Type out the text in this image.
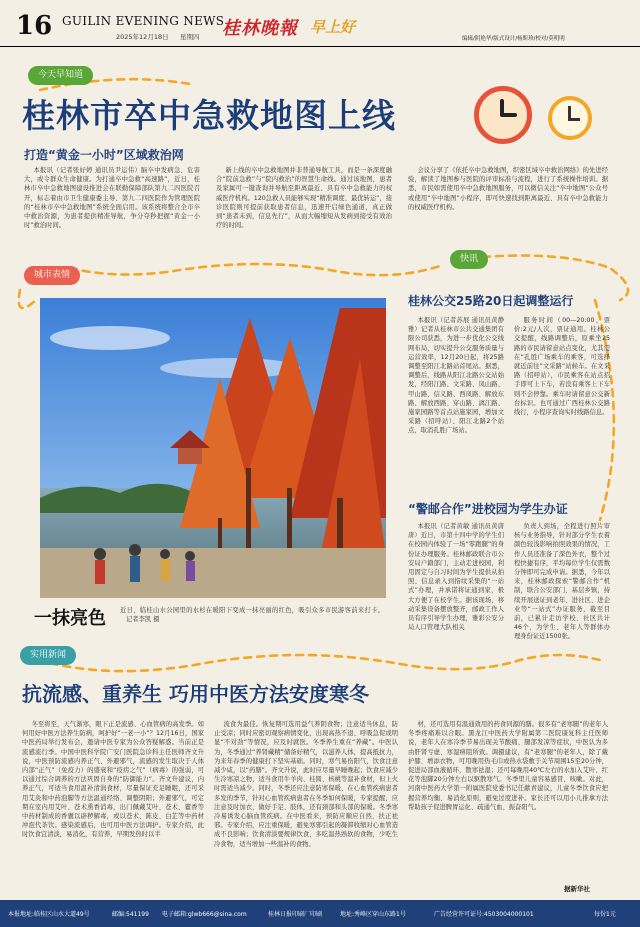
16 GUILIN EVENING NEWS
2025年12月18日 星期四 桂林晚報 早上好
编辑/阴艳华/版式设计/杨斯珍/校对/莫明明
今天早知道
桂林市卒中急救地图上线
打造“黄金一小时”区域救治网

本报讯（记者张好婷 通讯员尹运伟）脑卒中发病急、危害大，或令群众生命健康。为打通卒中急救“高速路”，近日，桂林市卒中急救地图建设推进会在联勤保障部队第九二四医院召开，标志着由市卫生健康委主导、第九二四医院作为管理医院的“桂林市卒中急救地图”系统全面启用。该系统将整合全市卒中救治资源，为患者提供精准导航，争分夺秒把握“黄金一小时”救治时间。

新上线的卒中急救地图并非普通导航工具，而是一条深度融合“院前急救”与“院内救治”的智慧生命线。通过该地图，患者及家属可一键查询并导航至距离最近、具有卒中急救能力的权威医疗机构。120急救人员能够实现“精准调度、最优转运”，接诊医院则可提前获取患者信息，迅速开启绿色通道，真正做到“患者未到，信息先行”，从而大幅缩短从发病到接受有效治疗的时间。

会议分享了《依托卒中急救地图，织密区域卒中救治网络》的先进经验，解读了地图参与医院的评审标准与流程，进行了系统操作培训。据悉，市民如需使用卒中急救地图服务，可以微信关注“卒中地图”公众号或使用“卒中地图”小程序，即可快速找到距离最近、具有卒中急救能力的权威医疗机构。

城市表情
一抹亮色 近日，临桂山水公园里的水杉在暖阳下变成一抹亮丽的红色，吸引众多市民游客前来打卡。 记者李凯 摄
快讯
桂林公交25路20日起调整运行

本报讯（记者苏展 通讯员黄静雅）记者从桂林市公共交通集团有限公司获悉，为进一步优化公交线网布局，切实提升公交服务质量与运营效率，12月20日起，将25路调整至阳江北路站首尾站。据悉，调整后，线路从阳江北路公交站始发，经阳江路、文采路、凤山路、甲山路、信义路、西凤路、解放东路、解放西路、穿山路、漓江路、施家园路等首点站施家园，增加文采路（招呼站）、阳江北路2个站点，取消孔胜广场站。

服务时间（00—20:00，票价:2元/人次，票证通用。桂林公交提醒，线路调整后，原乘坐25路的市民请留意站点变化，尤其需在“孔胜广场乘车的乘客，可选择就近前往”文采路“站候车。在文采路（招呼站），市民乘客在站点招手即可上下车，若没有乘客上下车则不会停靠。乘车时请留意公交新台标识。也可通过广西桂林公交路线行，小程序查询实时线路信息。

“警邮合作”进校园为学生办证

本报讯（记者黄敏 通讯员黄唐唐）近日，市第十四中学的学生们在校园内体验了一场“零跑腿”的身份证办理服务。桂林邮政联合市公安局户籍部门，主动走进校园，利用固定与自习时间为学生提供从拍照、信息录入到指纹采集的“一站式”办理，并承诺将证通到家，极大方便了在校学生。据该现场，移动采集设备摆放整齐，邮政工作人员有序引导学生办理，雅彩公安分局人口管理大队相关

负责人到场，全程进行照片审核与业务指导，针对部分学生衣着颜色较浅影响拍照效果的情况，工作人员还准备了深色外衣，整个过程快捷有序，平均每位学生仅需数分钟即可完成申请。据悉，今年以来，桂林邮政探索“警邮合作”机制，联合公安部门、基层乡镇，持续开展送证到老年、进社区、进企业等“一站式”办证服务，截至目前，已累计走访学校、社区共计46个，为学生、老年人等群体办理身份证近1500张。

实用新闻
抗流感、重养生 巧用中医方法安度寒冬

冬至将至，天气渐寒，眼下正是流感、心血管病的高发季。如何用好中医方法养生防病，呵护好“一老一小”？12月16日，国家中医药局举行发布会，邀请中医专家为公众答疑解惑。当前正是流感流行季。中国中医科学院广安门医院急诊科主任医师齐文升说，中医预防流感内养正气、外避邪气，流感的发生取决于人体内部“正气”（免疫力）的盛衰和“疫疠之气”（病毒）的强弱，可以通过综合调养的方法巩固自身的“防御能力”。齐文升建议，内养正气，可适当食用温补清润食材，尽量保证充足睡眠，还可采用艾灸和中药泡脚等方法温通经络、调整阴阳；外避邪气，可定期在室内用艾叶、苍术熏香消毒，出门佩戴艾叶、苍术、藿香等中药材制成的香囊以辟秽解毒，或以苍术、陈皮、白芷等中药材冲泡代茶饮。感染流感后，也可用中医方法调护。专家介绍，此时饮食宜清淡，易消化，有营养，早期发热时以半

流食为最佳。恢复期可选用益气养阴食物；注意适当休息，防止受凉；同时应密切观察病情变化，出现高热不退、呼吸急促或明显“不对劲”等情况，应及时就医。冬季养生重在“养藏”。中医认为，冬季通过“养肾藏精”储备好精气，以滋养人体，提高抵抗力，为来年春季的健康打下坚实基础。同时，寒气易伤阳气，饮食注意减少咸，以“药膳”。齐文升说，此时应尽量早睡晚起；饮食应减少生冷寒凉之物，适当食用牛羊肉、桂圆、核桃等温补食材，但上火时需适当减少。同时，冬季还应注意防寒保暖、在心血管疾病患者多发的季节，针对心血管疾病患者在冬季如何保暖，专家提醒，应注意及时加衣，做好手足、肢体，还有颈部和头部的保暖。冬季寒冷易诱发心脑血管疾病。在中医看来，预防应顺应自然，扶正祛邪。专家介绍，应注重保暖，避免寒邪引起的凝滞收缩对心血管造成不良影响；饮食清淡要规律饮食，多吃温热熟软的食物，少吃生冷食物，适当增加一些温补的食物。

材，还可选用有温通效用的药食同源的膳。很多有“老寒腿”的老年人冬季疼痛难以合眼。黑龙江中医药大学附属第二医院康复科主任医师说，老年人在寒冷季节易出现关节酸痛、腿部发凉等症状，中医认为多由肝肾亏虚、寒湿痹阻所致。调摄建议，有“老寒腿”的老年人，除了戴护膝、增添衣物，可用晚用热毛巾或热水袋敷于关节周围15至20分钟，促进局部血液循环，散寒祛湿；还可每晚用40℃左右的水加入艾叶、红花等泡脚20分钟左右以驱散寒气。冬季里儿童容易感冒、咳嗽。对此，河南中医药大学第一附属医院党委书记任献青建议，儿童冬季饮食应把握营养均衡、易消化原则，避免过度进补。家长还可以用小儿推拿方法帮助孩子促进脾胃运化、疏通气血、振奋阳气。

据新华社
本报地址:临桂区山水大道49号	邮编:541199 电子邮箱:glwb666@sina.com	桂林日报印刷厂印刷	地址:秀峰区穿山东路1号	广告经营许可证号:4503004000101	每份1元
